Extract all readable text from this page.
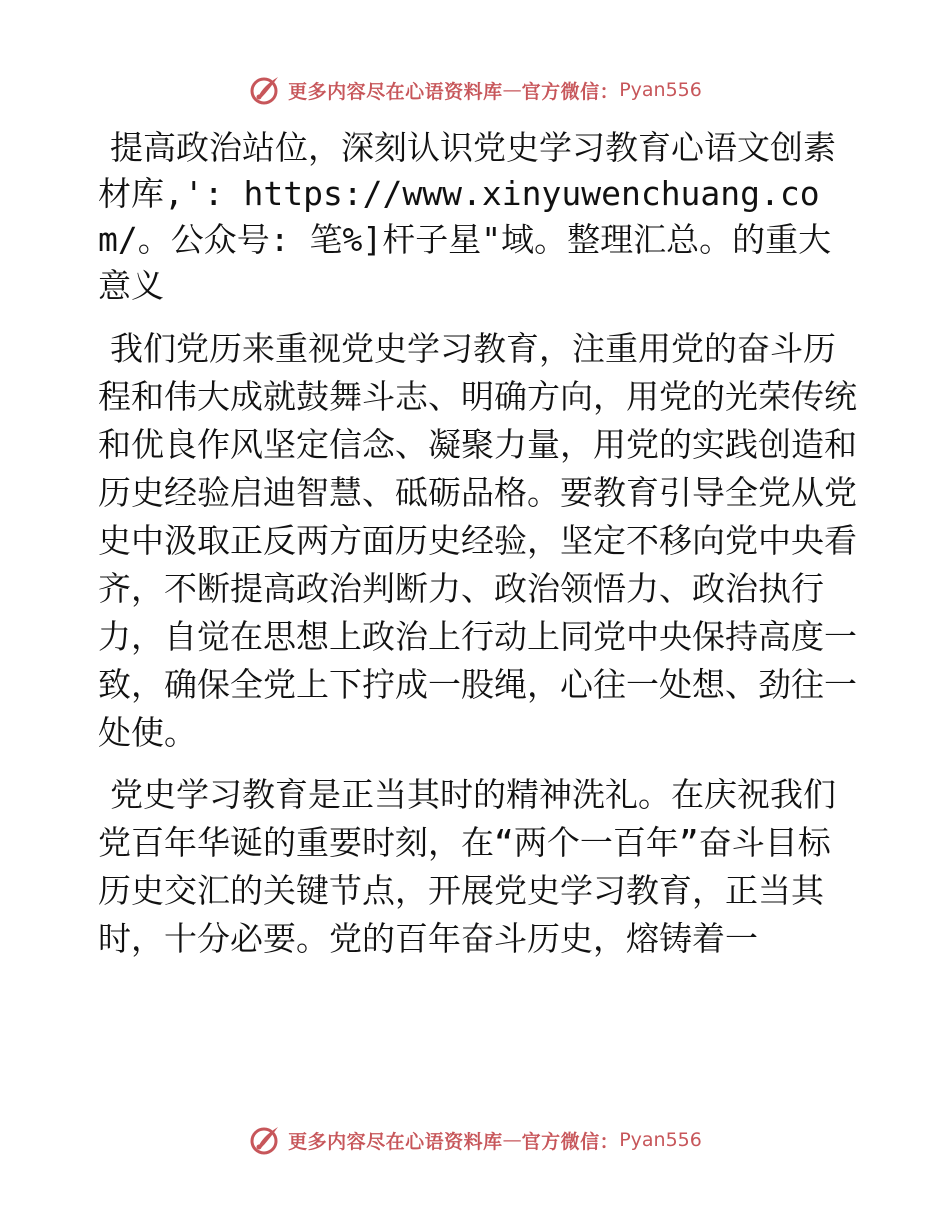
更多内容尽在心语资料库 — 官方微信： Pyan556

提高政治站位，深刻认识党史学习教育心语文创素材库,': https://www.xinyuwenchuang.com/。公众号: 笔%]杆子星"域。整理汇总。的重大意义

我们党历来重视党史学习教育，注重用党的奋斗历程和伟大成就鼓舞斗志、明确方向，用党的光荣传统和优良作风坚定信念、凝聚力量，用党的实践创造和历史经验启迪智慧、砥砺品格。要教育引导全党从党史中汲取正反两方面历史经验，坚定不移向党中央看齐，不断提高政治判断力、政治领悟力、政治执行力，自觉在思想上政治上行动上同党中央保持高度一致，确保全党上下拧成一股绳，心往一处想、劲往一处使。

党史学习教育是正当其时的精神洗礼。在庆祝我们党百年华诞的重要时刻，在“两个一百年”奋斗目标历史交汇的关键节点，开展党史学习教育，正当其时，十分必要。党的百年奋斗历史，熔铸着一

更多内容尽在心语资料库 — 官方微信： Pyan556
